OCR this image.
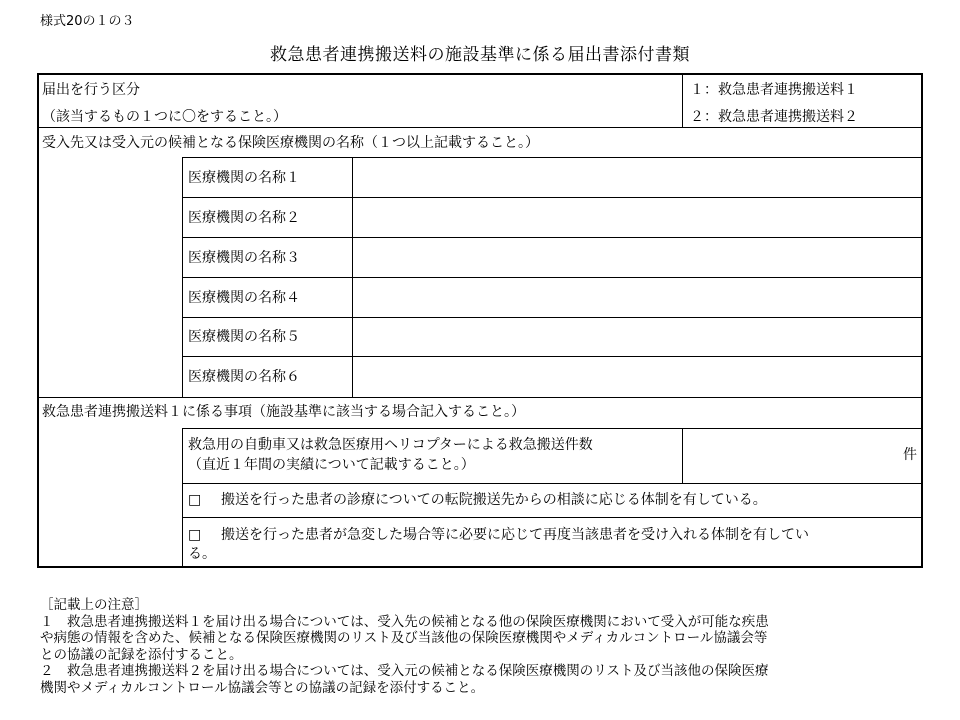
様式20の１の３
救急患者連携搬送料の施設基準に係る届出書添付書類
届出を行う区分
（該当するもの１つに〇をすること。）
１：救急患者連携搬送料１
２：救急患者連携搬送料２
受入先又は受入元の候補となる保険医療機関の名称（１つ以上記載すること。）
医療機関の名称１
医療機関の名称２
医療機関の名称３
医療機関の名称４
医療機関の名称５
医療機関の名称６
救急患者連携搬送料１に係る事項（施設基準に該当する場合記入すること。）
救急用の自動車又は救急医療用ヘリコプターによる救急搬送件数
（直近１年間の実績について記載すること。）
件
□ 搬送を行った患者の診療についての転院搬送先からの相談に応じる体制を有している。
□ 搬送を行った患者が急変した場合等に必要に応じて再度当該患者を受け入れる体制を有してい
る。
［記載上の注意］
１　救急患者連携搬送料１を届け出る場合については、受入先の候補となる他の保険医療機関において受入が可能な疾患
や病態の情報を含めた、候補となる保険医療機関のリスト及び当該他の保険医療機関やメディカルコントロール協議会等
との協議の記録を添付すること。
２　救急患者連携搬送料２を届け出る場合については、受入元の候補となる保険医療機関のリスト及び当該他の保険医療
機関やメディカルコントロール協議会等との協議の記録を添付すること。
